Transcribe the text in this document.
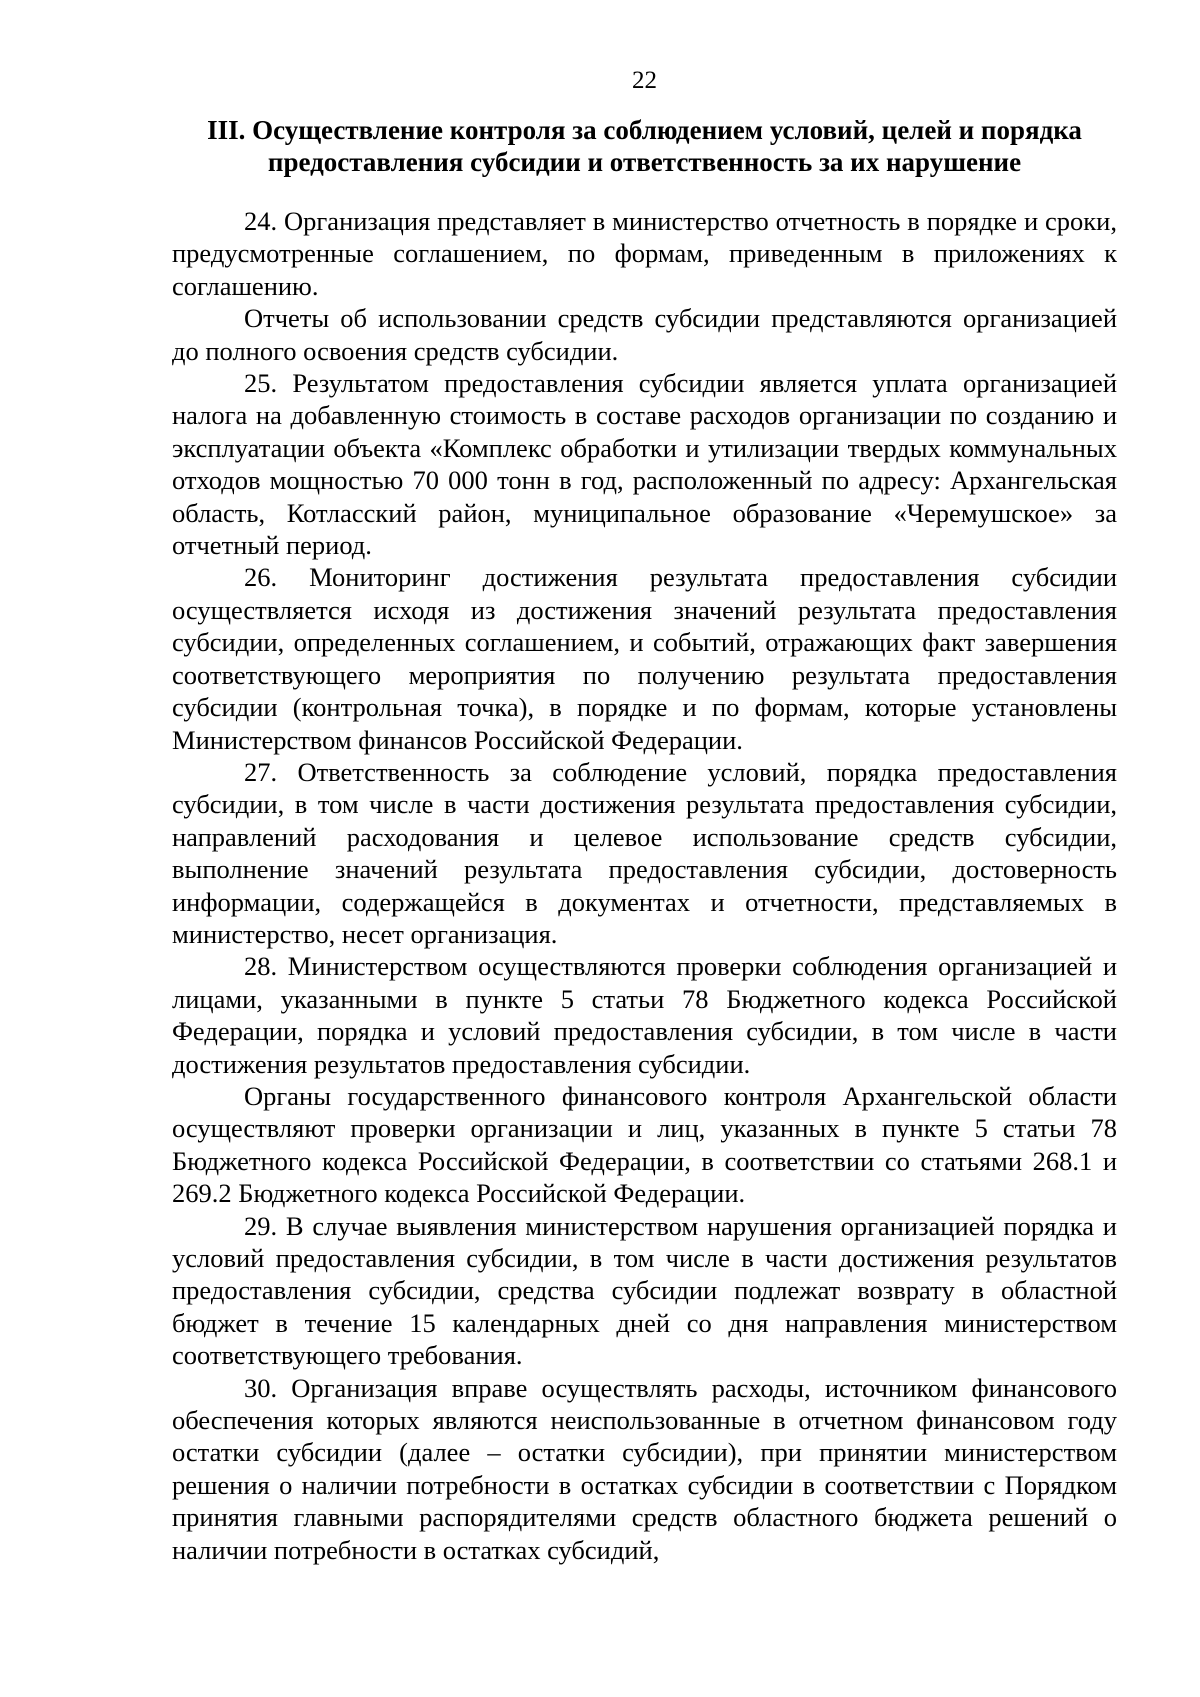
22
III. Осуществление контроля за соблюдением условий, целей и порядка
предоставления субсидии и ответственность за их нарушение

24. Организация представляет в министерство отчетность в порядке и сроки, предусмотренные соглашением, по формам, приведенным в приложениях к соглашению.

Отчеты об использовании средств субсидии представляются организацией до полного освоения средств субсидии.

25. Результатом предоставления субсидии является уплата организацией налога на добавленную стоимость в составе расходов организации по созданию и эксплуатации объекта «Комплекс обработки и утилизации твердых коммунальных отходов мощностью 70 000 тонн в год, расположенный по адресу: Архангельская область, Котласский район, муниципальное образование «Черемушское» за отчетный период.

26. Мониторинг достижения результата предоставления субсидии осуществляется исходя из достижения значений результата предоставления субсидии, определенных соглашением, и событий, отражающих факт завершения соответствующего мероприятия по получению результата предоставления субсидии (контрольная точка), в порядке и по формам, которые установлены Министерством финансов Российской Федерации.

27. Ответственность за соблюдение условий, порядка предоставления субсидии, в том числе в части достижения результата предоставления субсидии, направлений расходования и целевое использование средств субсидии, выполнение значений результата предоставления субсидии, достоверность информации, содержащейся в документах и отчетности, представляемых в министерство, несет организация.

28. Министерством осуществляются проверки соблюдения организацией и лицами, указанными в пункте 5 статьи 78 Бюджетного кодекса Российской Федерации, порядка и условий предоставления субсидии, в том числе в части достижения результатов предоставления субсидии.

Органы государственного финансового контроля Архангельской области осуществляют проверки организации и лиц, указанных в пункте 5 статьи 78 Бюджетного кодекса Российской Федерации, в соответствии со статьями 268.1 и 269.2 Бюджетного кодекса Российской Федерации.

29. В случае выявления министерством нарушения организацией порядка и условий предоставления субсидии, в том числе в части достижения результатов предоставления субсидии, средства субсидии подлежат возврату в областной бюджет в течение 15 календарных дней со дня направления министерством соответствующего требования.

30. Организация вправе осуществлять расходы, источником финансового обеспечения которых являются неиспользованные в отчетном финансовом году остатки субсидии (далее – остатки субсидии), при принятии министерством решения о наличии потребности в остатках субсидии в соответствии с Порядком принятия главными распорядителями средств областного бюджета решений о наличии потребности в остатках субсидий,
